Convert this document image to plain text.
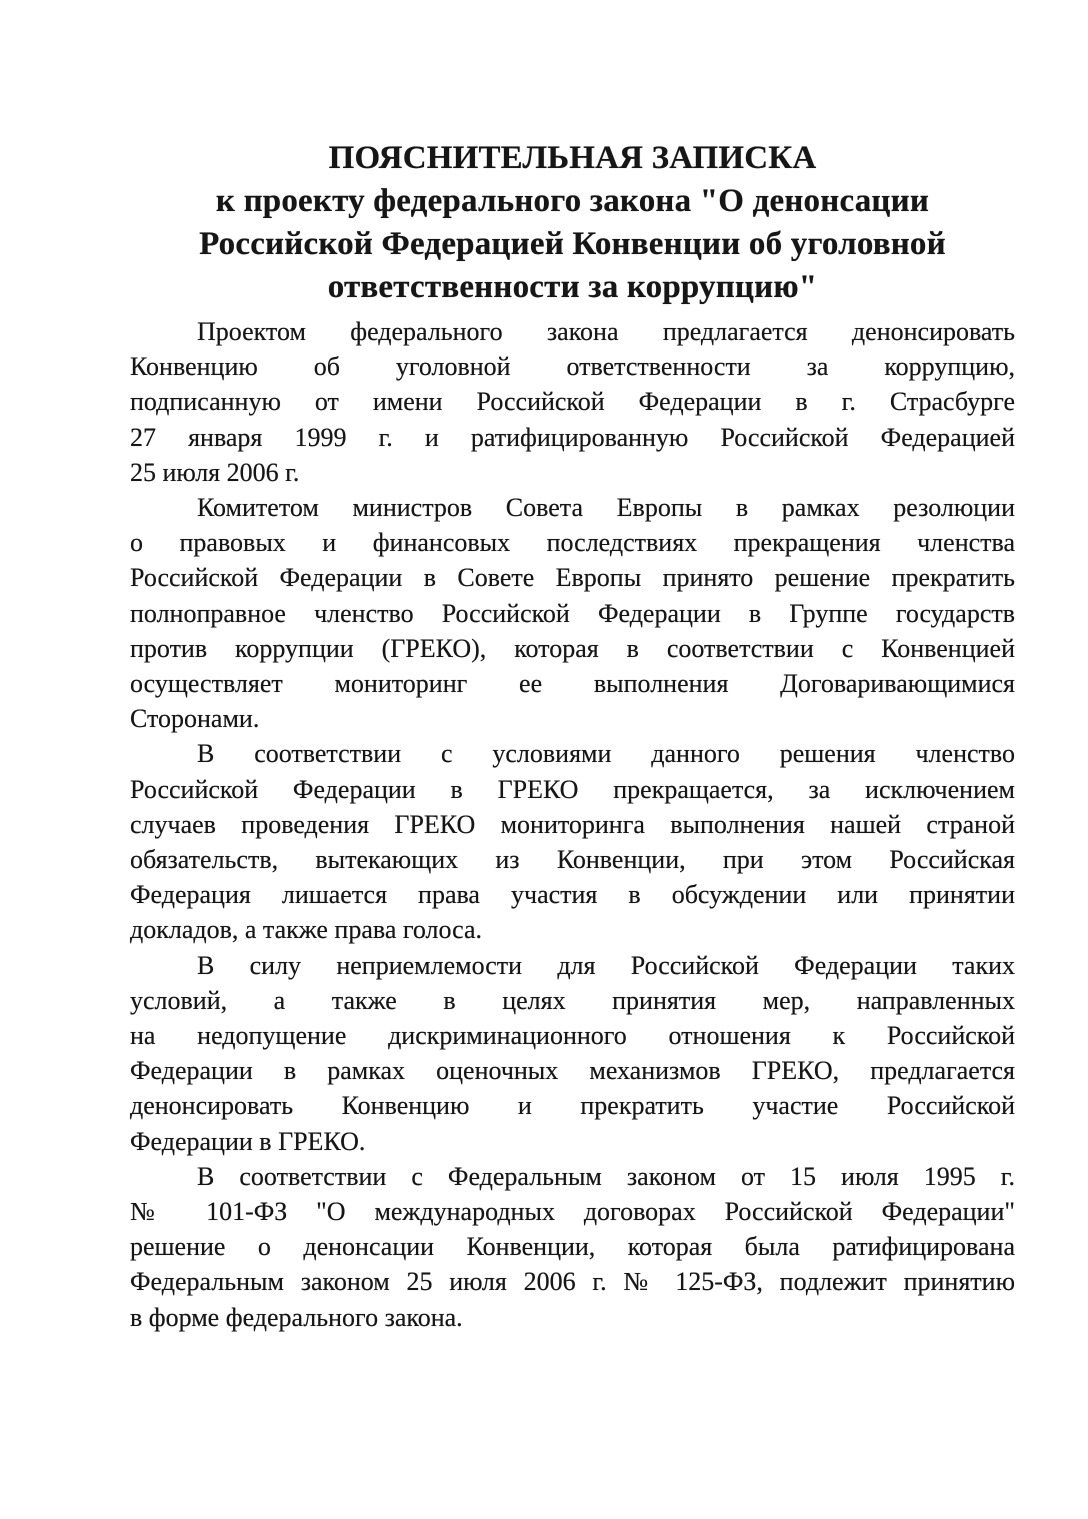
ПОЯСНИТЕЛЬНАЯ ЗАПИСКА
к проекту федерального закона "О денонсации
Российской Федерацией Конвенции об уголовной
ответственности за коррупцию"

Проектом федерального закона предлагается денонсировать
Конвенцию об уголовной ответственности за коррупцию,
подписанную от имени Российской Федерации в г. Страсбурге
27 января 1999 г. и ратифицированную Российской Федерацией
25 июля 2006 г.

Комитетом министров Совета Европы в рамках резолюции
о правовых и финансовых последствиях прекращения членства
Российской Федерации в Совете Европы принято решение прекратить
полноправное членство Российской Федерации в Группе государств
против коррупции (ГРЕКО), которая в соответствии с Конвенцией
осуществляет мониторинг ее выполнения Договаривающимися
Сторонами.

В соответствии с условиями данного решения членство
Российской Федерации в ГРЕКО прекращается, за исключением
случаев проведения ГРЕКО мониторинга выполнения нашей страной
обязательств, вытекающих из Конвенции, при этом Российская
Федерация лишается права участия в обсуждении или принятии
докладов, а также права голоса.

В силу неприемлемости для Российской Федерации таких
условий, а также в целях принятия мер, направленных
на недопущение дискриминационного отношения к Российской
Федерации в рамках оценочных механизмов ГРЕКО, предлагается
денонсировать Конвенцию и прекратить участие Российской
Федерации в ГРЕКО.

В соответствии с Федеральным законом от 15 июля 1995 г.
№ 101-ФЗ "О международных договорах Российской Федерации"
решение о денонсации Конвенции, которая была ратифицирована
Федеральным законом 25 июля 2006 г. № 125-ФЗ, подлежит принятию
в форме федерального закона.
